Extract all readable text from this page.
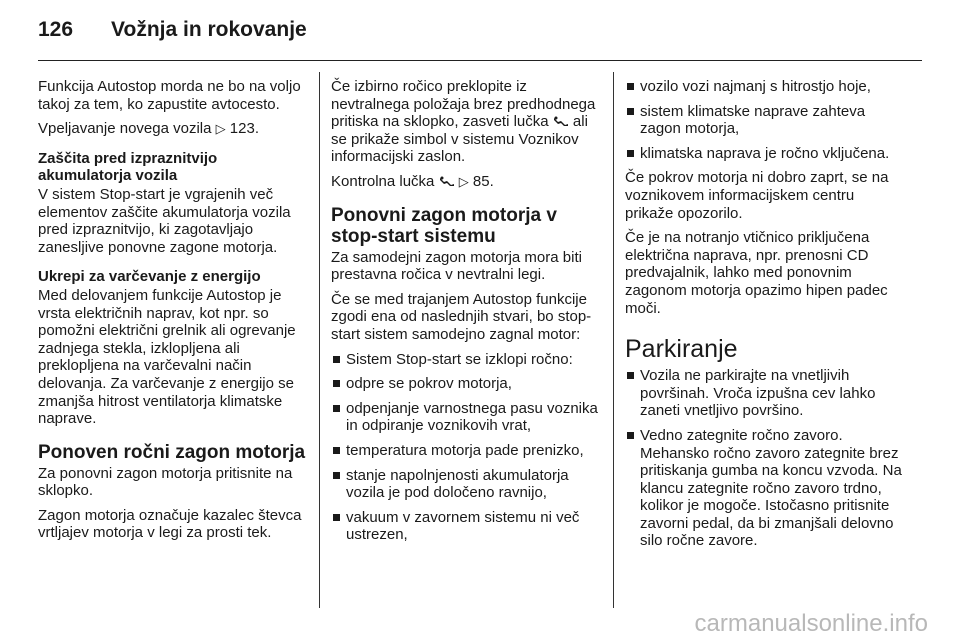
126 Vožnja in rokovanje

Funkcija Autostop morda ne bo na voljo takoj za tem, ko zapustite avtocesto.

Vpeljavanje novega vozila ▷ 123.

Zaščita pred izpraznitvijo akumulatorja vozila

V sistem Stop-start je vgrajenih več elementov zaščite akumulatorja vozila pred izpraznitvijo, ki zagotavljajo zanesljive ponovne zagone motorja.

Ukrepi za varčevanje z energijo

Med delovanjem funkcije Autostop je vrsta električnih naprav, kot npr. so pomožni električni grelnik ali ogrevanje zadnjega stekla, izklopljena ali preklopljena na varčevalni način delovanja. Za varčevanje z energijo se zmanjša hitrost ventilatorja klimatske naprave.

Ponoven ročni zagon motorja

Za ponovni zagon motorja pritisnite na sklopko.

Zagon motorja označuje kazalec števca vrtljajev motorja v legi za prosti tek.

Če izbirno ročico preklopite iz nevtralnega položaja brez predhodnega pritiska na sklopko, zasveti lučka  ali se prikaže simbol v sistemu Voznikov informacijski zaslon.

Kontrolna lučka  ▷ 85.

Ponovni zagon motorja v stop-start sistemu

Za samodejni zagon motorja mora biti prestavna ročica v nevtralni legi.

Če se med trajanjem Autostop funkcije zgodi ena od naslednjih stvari, bo stop-start sistem samodejno zagnal motor:

Sistem Stop-start se izklopi ročno:
odpre se pokrov motorja,
odpenjanje varnostnega pasu voznika in odpiranje voznikovih vrat,
temperatura motorja pade prenizko,
stanje napolnjenosti akumulatorja vozila je pod določeno ravnijo,
vakuum v zavornem sistemu ni več ustrezen,
vozilo vozi najmanj s hitrostjo hoje,
sistem klimatske naprave zahteva zagon motorja,
klimatska naprava je ročno vključena.

Če pokrov motorja ni dobro zaprt, se na voznikovem informacijskem centru prikaže opozorilo.

Če je na notranjo vtičnico priključena električna naprava, npr. prenosni CD predvajalnik, lahko med ponovnim zagonom motorja opazimo hipen padec moči.

Parkiranje
Vozila ne parkirajte na vnetljivih površinah. Vroča izpušna cev lahko zaneti vnetljivo površino.
Vedno zategnite ročno zavoro. Mehansko ročno zavoro zategnite brez pritiskanja gumba na koncu vzvoda. Na klancu zategnite ročno zavoro trdno, kolikor je mogoče. Istočasno pritisnite zavorni pedal, da bi zmanjšali delovno silo ročne zavore.
carmanualsonline.info
